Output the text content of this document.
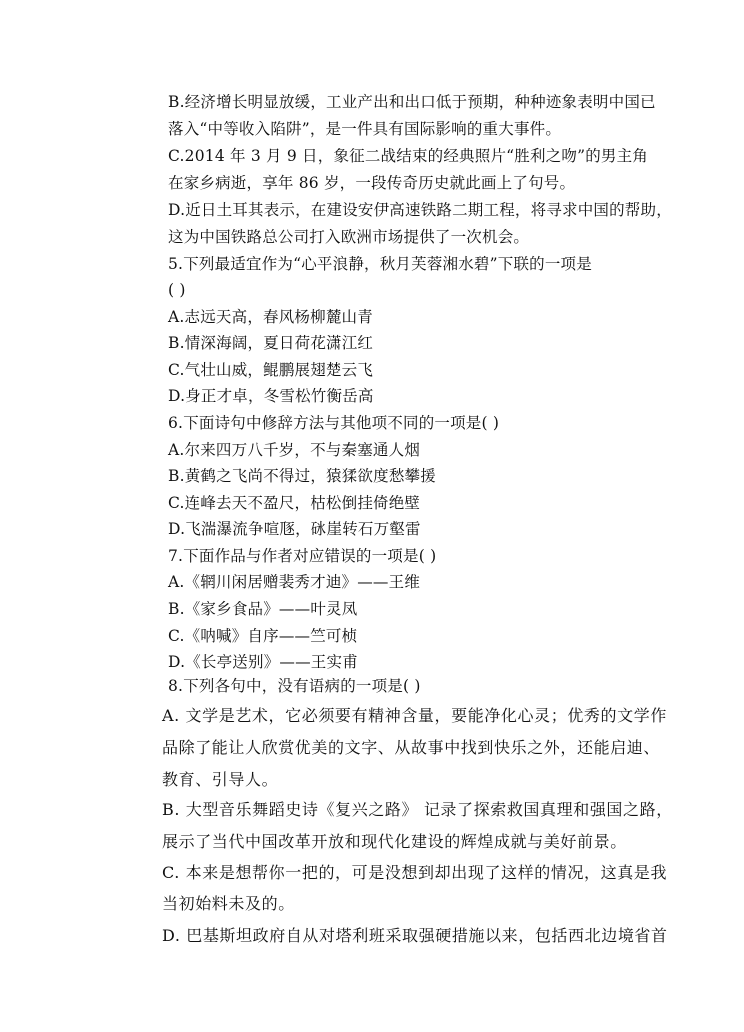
B.经济增长明显放缓，工业产出和出口低于预期，种种迹象表明中国已
落入“中等收入陷阱”，是一件具有国际影响的重大事件。
C.2014 年 3 月 9 日，象征二战结束的经典照片“胜利之吻”的男主角
在家乡病逝，享年 86 岁，一段传奇历史就此画上了句号。
D.近日土耳其表示，在建设安伊高速铁路二期工程，将寻求中国的帮助，
这为中国铁路总公司打入欧洲市场提供了一次机会。
5.下列最适宜作为“心平浪静，秋月芙蓉湘水碧”下联的一项是
( )
A.志远天高，春风杨柳麓山青
B.情深海阔，夏日荷花潇江红
C.气壮山威，鲲鹏展翅楚云飞
D.身正才卓，冬雪松竹衡岳高
6.下面诗句中修辞方法与其他项不同的一项是( )
A.尔来四万八千岁，不与秦塞通人烟
B.黄鹤之飞尚不得过，猿猱欲度愁攀援
C.连峰去天不盈尺，枯松倒挂倚绝壁
D.飞湍瀑流争喧豗，砯崖转石万壑雷
7.下面作品与作者对应错误的一项是( )
A.《辋川闲居赠裴秀才迪》——王维
B.《家乡食品》——叶灵凤
C.《呐喊》自序——竺可桢
D.《长亭送别》——王实甫
8.下列各句中，没有语病的一项是( )
A. 文学是艺术，它必须要有精神含量，要能净化心灵；优秀的文学作
品除了能让人欣赏优美的文字、从故事中找到快乐之外，还能启迪、
教育、引导人。
B. 大型音乐舞蹈史诗《复兴之路》 记录了探索救国真理和强国之路，
展示了当代中国改革开放和现代化建设的辉煌成就与美好前景。
C. 本来是想帮你一把的，可是没想到却出现了这样的情况，这真是我
当初始料未及的。
D. 巴基斯坦政府自从对塔利班采取强硬措施以来，包括西北边境省首
